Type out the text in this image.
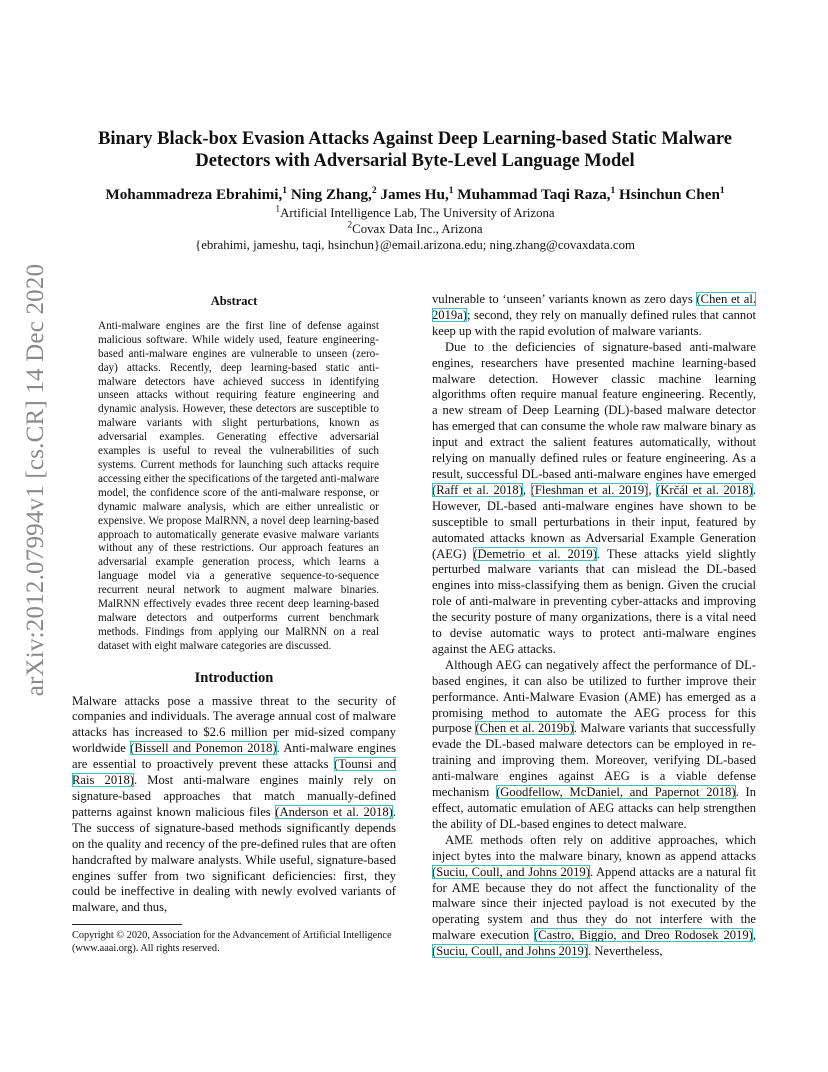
arXiv:2012.07994v1 [cs.CR] 14 Dec 2020
Binary Black-box Evasion Attacks Against Deep Learning-based Static Malware
Detectors with Adversarial Byte-Level Language Model
Mohammadreza Ebrahimi,$^1$ Ning Zhang,$^2$ James Hu,$^1$ Muhammad Taqi Raza,$^1$ Hsinchun Chen$^1$
$^1$Artificial Intelligence Lab, The University of Arizona
$^2$Covax Data Inc., Arizona
{ebrahimi, jameshu, taqi, hsinchun}@email.arizona.edu; ning.zhang@covaxdata.com
Abstract

Anti-malware engines are the first line of defense against malicious software. While widely used, feature engineering-based anti-malware engines are vulnerable to unseen (zero-day) attacks. Recently, deep learning-based static anti-malware detectors have achieved success in identifying unseen attacks without requiring feature engineering and dynamic analysis. However, these detectors are susceptible to malware variants with slight perturbations, known as adversarial examples. Generating effective adversarial examples is useful to reveal the vulnerabilities of such systems. Current methods for launching such attacks require accessing either the specifications of the targeted anti-malware model, the confidence score of the anti-malware response, or dynamic malware analysis, which are either unrealistic or expensive. We propose MalRNN, a novel deep learning-based approach to automatically generate evasive malware variants without any of these restrictions. Our approach features an adversarial example generation process, which learns a language model via a generative sequence-to-sequence recurrent neural network to augment malware binaries. MalRNN effectively evades three recent deep learning-based malware detectors and outperforms current benchmark methods. Findings from applying our MalRNN on a real dataset with eight malware categories are discussed.

Introduction

Malware attacks pose a massive threat to the security of companies and individuals. The average annual cost of malware attacks has increased to $2.6 million per mid-sized company worldwide (Bissell and Ponemon 2018). Anti-malware engines are essential to proactively prevent these attacks (Tounsi and Rais 2018). Most anti-malware engines mainly rely on signature-based approaches that match manually-defined patterns against known malicious files (Anderson et al. 2018). The success of signature-based methods significantly depends on the quality and recency of the pre-defined rules that are often handcrafted by malware analysts. While useful, signature-based engines suffer from two significant deficiencies: first, they could be ineffective in dealing with newly evolved variants of malware, and thus,

Copyright © 2020, Association for the Advancement of Artificial Intelligence (www.aaai.org). All rights reserved.

vulnerable to ‘unseen’ variants known as zero days (Chen et al. 2019a); second, they rely on manually defined rules that cannot keep up with the rapid evolution of malware variants.

Due to the deficiencies of signature-based anti-malware engines, researchers have presented machine learning-based malware detection. However classic machine learning algorithms often require manual feature engineering. Recently, a new stream of Deep Learning (DL)-based malware detector has emerged that can consume the whole raw malware binary as input and extract the salient features automatically, without relying on manually defined rules or feature engineering. As a result, successful DL-based anti-malware engines have emerged (Raff et al. 2018), (Fleshman et al. 2019), (Krčál et al. 2018). However, DL-based anti-malware engines have shown to be susceptible to small perturbations in their input, featured by automated attacks known as Adversarial Example Generation (AEG) (Demetrio et al. 2019). These attacks yield slightly perturbed malware variants that can mislead the DL-based engines into miss-classifying them as benign. Given the crucial role of anti-malware in preventing cyber-attacks and improving the security posture of many organizations, there is a vital need to devise automatic ways to protect anti-malware engines against the AEG attacks.

Although AEG can negatively affect the performance of DL-based engines, it can also be utilized to further improve their performance. Anti-Malware Evasion (AME) has emerged as a promising method to automate the AEG process for this purpose (Chen et al. 2019b). Malware variants that successfully evade the DL-based malware detectors can be employed in re-training and improving them. Moreover, verifying DL-based anti-malware engines against AEG is a viable defense mechanism (Goodfellow, McDaniel, and Papernot 2018). In effect, automatic emulation of AEG attacks can help strengthen the ability of DL-based engines to detect malware.

AME methods often rely on additive approaches, which inject bytes into the malware binary, known as append attacks (Suciu, Coull, and Johns 2019). Append attacks are a natural fit for AME because they do not affect the functionality of the malware since their injected payload is not executed by the operating system and thus they do not interfere with the malware execution (Castro, Biggio, and Dreo Rodosek 2019), (Suciu, Coull, and Johns 2019). Nevertheless,
